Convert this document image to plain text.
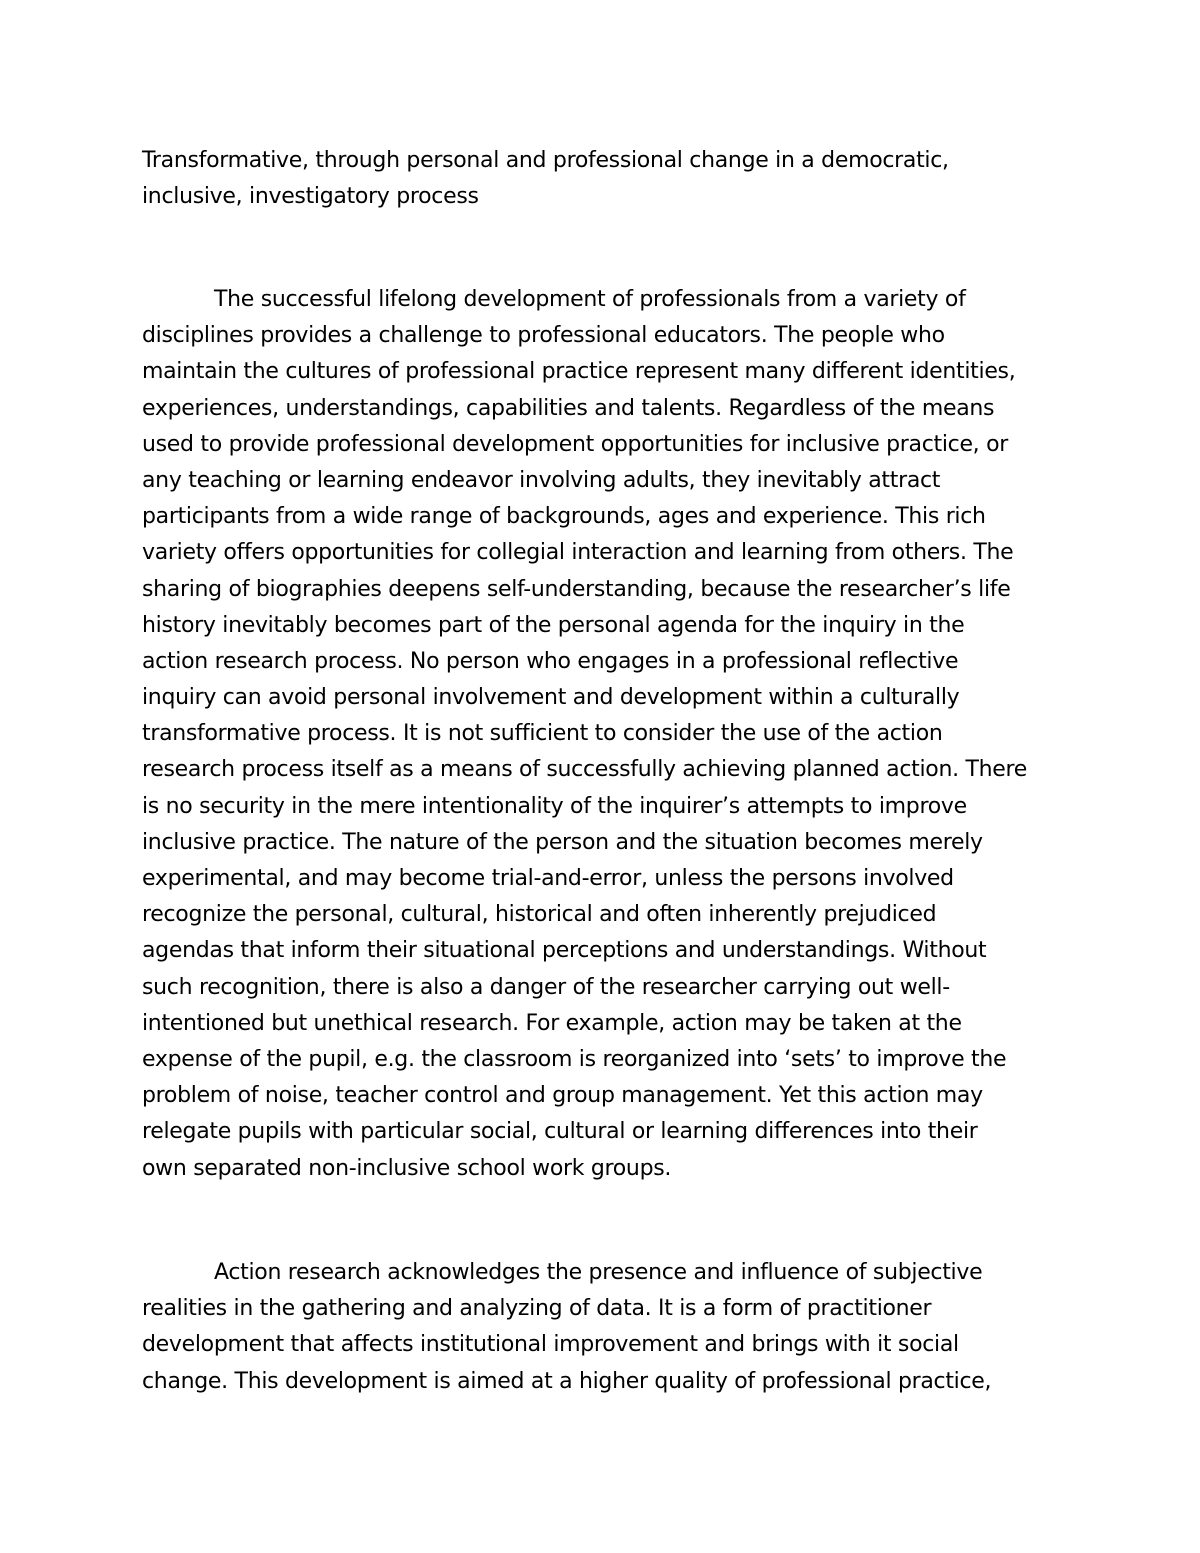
Transformative, through personal and professional change in a democratic,
inclusive, investigatory process
The successful lifelong development of professionals from a variety of
disciplines provides a challenge to professional educators. The people who
maintain the cultures of professional practice represent many different identities,
experiences, understandings, capabilities and talents. Regardless of the means
used to provide professional development opportunities for inclusive practice, or
any teaching or learning endeavor involving adults, they inevitably attract
participants from a wide range of backgrounds, ages and experience. This rich
variety offers opportunities for collegial interaction and learning from others. The
sharing of biographies deepens self-understanding, because the researcher’s life
history inevitably becomes part of the personal agenda for the inquiry in the
action research process. No person who engages in a professional reflective
inquiry can avoid personal involvement and development within a culturally
transformative process. It is not sufficient to consider the use of the action
research process itself as a means of successfully achieving planned action. There
is no security in the mere intentionality of the inquirer’s attempts to improve
inclusive practice. The nature of the person and the situation becomes merely
experimental, and may become trial-and-error, unless the persons involved
recognize the personal, cultural, historical and often inherently prejudiced
agendas that inform their situational perceptions and understandings. Without
such recognition, there is also a danger of the researcher carrying out well-
intentioned but unethical research. For example, action may be taken at the
expense of the pupil, e.g. the classroom is reorganized into ‘sets’ to improve the
problem of noise, teacher control and group management. Yet this action may
relegate pupils with particular social, cultural or learning differences into their
own separated non-inclusive school work groups.
Action research acknowledges the presence and influence of subjective
realities in the gathering and analyzing of data. It is a form of practitioner
development that affects institutional improvement and brings with it social
change. This development is aimed at a higher quality of professional practice,
